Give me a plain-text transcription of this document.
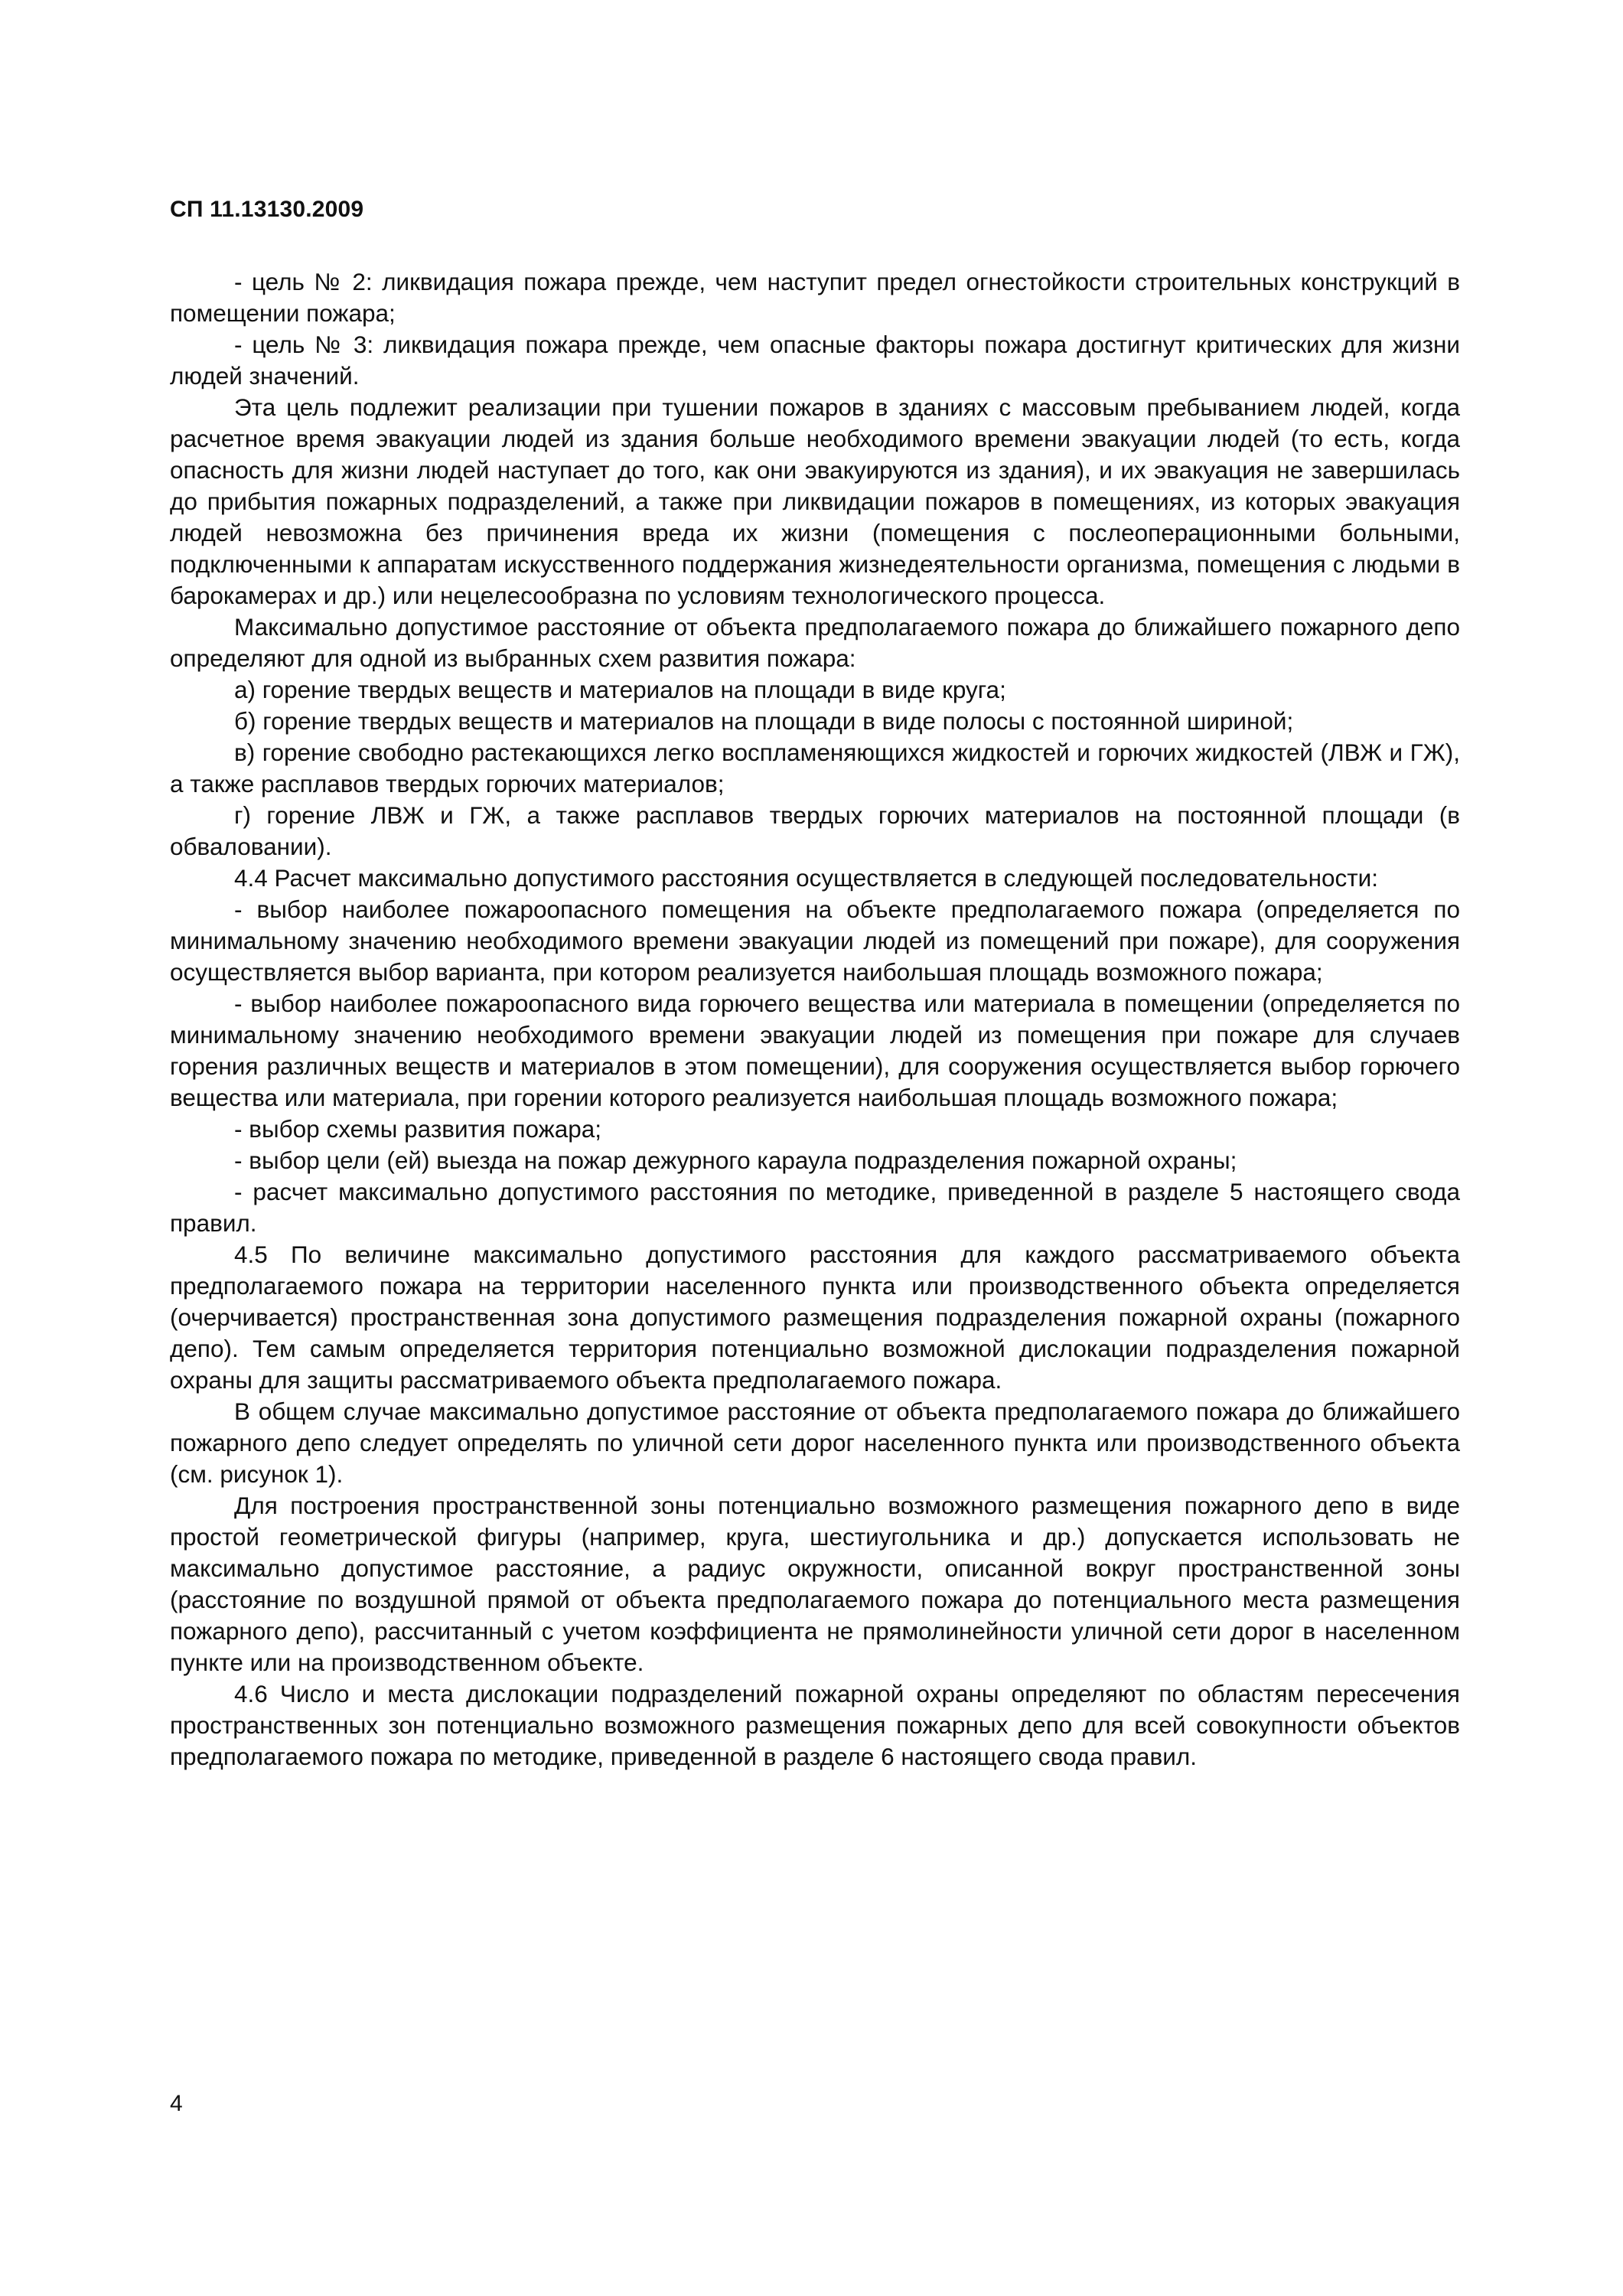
СП 11.13130.2009

- цель № 2: ликвидация пожара прежде, чем наступит предел огнестойкости строительных конструкций в помещении пожара;

- цель № 3: ликвидация пожара прежде, чем опасные факторы пожара достигнут критических для жизни людей значений.

Эта цель подлежит реализации при тушении пожаров в зданиях с массовым пребыванием людей, когда расчетное время эвакуации людей из здания больше необходимого времени эвакуации людей (то есть, когда опасность для жизни людей наступает до того, как они эвакуируются из здания), и их эвакуация не завершилась до прибытия пожарных подразделений, а также при ликвидации пожаров в помещениях, из которых эвакуация людей невозможна без причинения вреда их жизни (помещения с послеоперационными больными, подключенными к аппаратам искусственного поддержания жизнедеятельности организма, помещения с людьми в барокамерах и др.) или нецелесообразна по условиям технологического процесса.

Максимально допустимое расстояние от объекта предполагаемого пожара до ближайшего пожарного депо определяют для одной из выбранных схем развития пожара:

а) горение твердых веществ и материалов на площади в виде круга;

б) горение твердых веществ и материалов на площади в виде полосы с постоянной шириной;

в) горение свободно растекающихся легко воспламеняющихся жидкостей и горючих жидкостей (ЛВЖ и ГЖ), а также расплавов твердых горючих материалов;

г) горение ЛВЖ и ГЖ, а также расплавов твердых горючих материалов на постоянной площади (в обваловании).

4.4 Расчет максимально допустимого расстояния осуществляется в следующей последовательности:

- выбор наиболее пожароопасного помещения на объекте предполагаемого пожара (определяется по минимальному значению необходимого времени эвакуации людей из помещений при пожаре), для сооружения осуществляется выбор варианта, при котором реализуется наибольшая площадь возможного пожара;

- выбор наиболее пожароопасного вида горючего вещества или материала в помещении (определяется по минимальному значению необходимого времени эвакуации людей из помещения при пожаре для случаев горения различных веществ и материалов в этом помещении), для сооружения осуществляется выбор горючего вещества или материала, при горении которого реализуется наибольшая площадь возможного пожара;

- выбор схемы развития пожара;

- выбор цели (ей) выезда на пожар дежурного караула подразделения пожарной охраны;

- расчет максимально допустимого расстояния по методике, приведенной в разделе 5 настоящего свода правил.

4.5 По величине максимально допустимого расстояния для каждого рассматриваемого объекта предполагаемого пожара на территории населенного пункта или производственного объекта определяется (очерчивается) пространственная зона допустимого размещения подразделения пожарной охраны (пожарного депо). Тем самым определяется территория потенциально возможной дислокации подразделения пожарной охраны для защиты рассматриваемого объекта предполагаемого пожара.

В общем случае максимально допустимое расстояние от объекта предполагаемого пожара до ближайшего пожарного депо следует определять по уличной сети дорог населенного пункта или производственного объекта (см. рисунок 1).

Для построения пространственной зоны потенциально возможного размещения пожарного депо в виде простой геометрической фигуры (например, круга, шестиугольника и др.) допускается использовать не максимально допустимое расстояние, а радиус окружности, описанной вокруг пространственной зоны (расстояние по воздушной прямой от объекта предполагаемого пожара до потенциального места размещения пожарного депо), рассчитанный с учетом коэффициента не прямолинейности уличной сети дорог в населенном пункте или на производственном объекте.

4.6 Число и места дислокации подразделений пожарной охраны определяют по областям пересечения пространственных зон потенциально возможного размещения пожарных депо для всей совокупности объектов предполагаемого пожара по методике, приведенной в разделе 6 настоящего свода правил.

4
